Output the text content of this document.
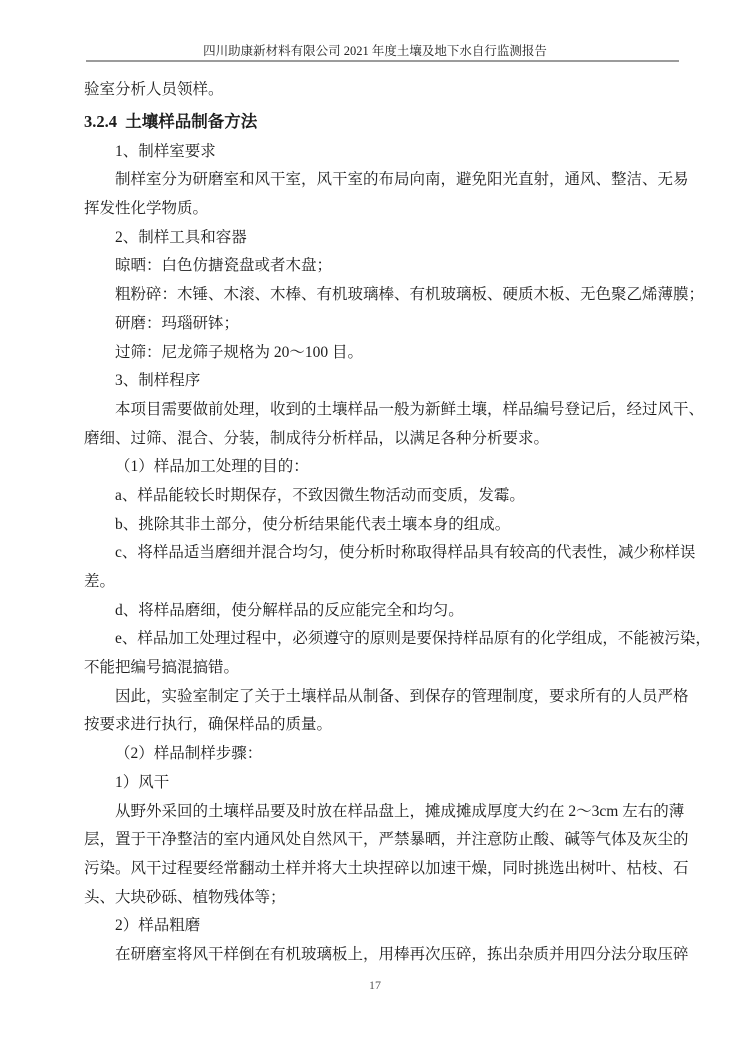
四川助康新材料有限公司 2021 年度土壤及地下水自行监测报告
验室分析人员领样。
3.2.4  土壤样品制备方法
1、制样室要求
制样室分为研磨室和风干室，风干室的布局向南，避免阳光直射，通风、整洁、无易
挥发性化学物质。
2、制样工具和容器
晾晒：白色仿搪瓷盘或者木盘；
粗粉碎：木锤、木滚、木棒、有机玻璃棒、有机玻璃板、硬质木板、无色聚乙烯薄膜；
研磨：玛瑙研钵；
过筛：尼龙筛子规格为 20～100 目。
3、制样程序
本项目需要做前处理，收到的土壤样品一般为新鲜土壤，样品编号登记后，经过风干、
磨细、过筛、混合、分装，制成待分析样品，以满足各种分析要求。
（1）样品加工处理的目的：
a、样品能较长时期保存，不致因微生物活动而变质，发霉。
b、挑除其非土部分，使分析结果能代表土壤本身的组成。
c、将样品适当磨细并混合均匀，使分析时称取得样品具有较高的代表性，减少称样误
差。
d、将样品磨细，使分解样品的反应能完全和均匀。
e、样品加工处理过程中，必须遵守的原则是要保持样品原有的化学组成，不能被污染，
不能把编号搞混搞错。
因此，实验室制定了关于土壤样品从制备、到保存的管理制度，要求所有的人员严格
按要求进行执行，确保样品的质量。
（2）样品制样步骤：
1）风干
从野外采回的土壤样品要及时放在样品盘上，摊成摊成厚度大约在 2～3cm 左右的薄
层，置于干净整洁的室内通风处自然风干，严禁暴晒，并注意防止酸、碱等气体及灰尘的
污染。风干过程要经常翻动土样并将大土块捏碎以加速干燥，同时挑选出树叶、枯枝、石
头、大块砂砾、植物残体等；
2）样品粗磨
在研磨室将风干样倒在有机玻璃板上，用棒再次压碎，拣出杂质并用四分法分取压碎
17
